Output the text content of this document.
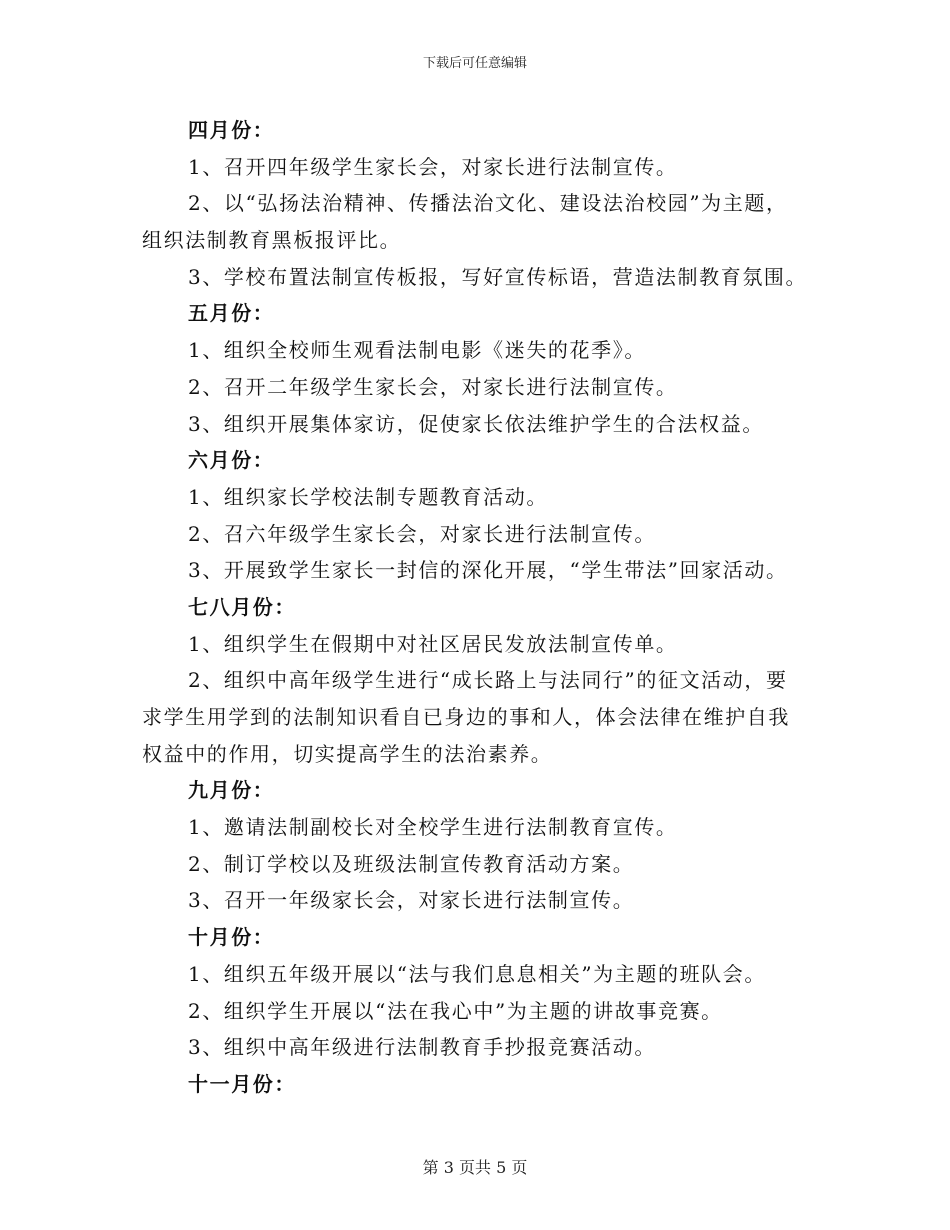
下载后可任意编辑
四月份：
1、召开四年级学生家长会，对家长进行法制宣传。
2、以“弘扬法治精神、传播法治文化、建设法治校园”为主题，
组织法制教育黑板报评比。
3、学校布置法制宣传板报，写好宣传标语，营造法制教育氛围。
五月份：
1、组织全校师生观看法制电影《迷失的花季》。
2、召开二年级学生家长会，对家长进行法制宣传。
3、组织开展集体家访，促使家长依法维护学生的合法权益。
六月份：
1、组织家长学校法制专题教育活动。
2、召六年级学生家长会，对家长进行法制宣传。
3、开展致学生家长一封信的深化开展，“学生带法”回家活动。
七八月份：
1、组织学生在假期中对社区居民发放法制宣传单。
2、组织中高年级学生进行“成长路上与法同行”的征文活动，要
求学生用学到的法制知识看自已身边的事和人，体会法律在维护自我
权益中的作用，切实提高学生的法治素养。
九月份：
1、邀请法制副校长对全校学生进行法制教育宣传。
2、制订学校以及班级法制宣传教育活动方案。
3、召开一年级家长会，对家长进行法制宣传。
十月份：
1、组织五年级开展以“法与我们息息相关”为主题的班队会。
2、组织学生开展以“法在我心中”为主题的讲故事竞赛。
3、组织中高年级进行法制教育手抄报竞赛活动。
十一月份：
第 3 页共 5 页
